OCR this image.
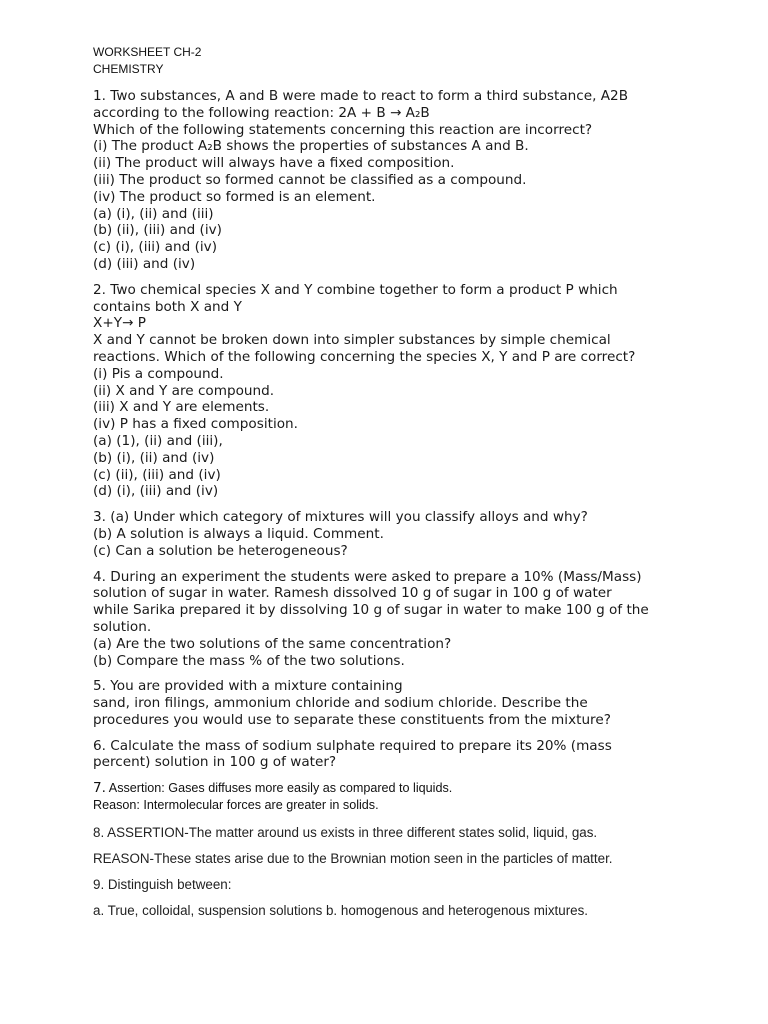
WORKSHEET CH-2
CHEMISTRY
1. Two substances, A and B were made to react to form a third substance, A2B
according to the following reaction: 2A + B → A₂B
Which of the following statements concerning this reaction are incorrect?
(i) The product A₂B shows the properties of substances A and B.
(ii) The product will always have a fixed composition.
(iii) The product so formed cannot be classified as a compound.
(iv) The product so formed is an element.
(a) (i), (ii) and (iii)
(b) (ii), (iii) and (iv)
(c) (i), (iii) and (iv)
(d) (iii) and (iv)
2. Two chemical species X and Y combine together to form a product P which
contains both X and Y
X+Y→ P
X and Y cannot be broken down into simpler substances by simple chemical
reactions. Which of the following concerning the species X, Y and P are correct?
(i) Pis a compound.
(ii) X and Y are compound.
(iii) X and Y are elements.
(iv) P has a fixed composition.
(a) (1), (ii) and (iii),
(b) (i), (ii) and (iv)
(c) (ii), (iii) and (iv)
(d) (i), (iii) and (iv)
3. (a) Under which category of mixtures will you classify alloys and why?
(b) A solution is always a liquid. Comment.
(c) Can a solution be heterogeneous?
4. During an experiment the students were asked to prepare a 10% (Mass/Mass)
solution of sugar in water. Ramesh dissolved 10 g of sugar in 100 g of water
while Sarika prepared it by dissolving 10 g of sugar in water to make 100 g of the
solution.
(a) Are the two solutions of the same concentration?
(b) Compare the mass % of the two solutions.
5. You are provided with a mixture containing
sand, iron filings, ammonium chloride and sodium chloride. Describe the
procedures you would use to separate these constituents from the mixture?
6. Calculate the mass of sodium sulphate required to prepare its 20% (mass
percent) solution in 100 g of water?
7. Assertion: Gases diffuses more easily as compared to liquids.
Reason: Intermolecular forces are greater in solids.
8. ASSERTION-The matter around us exists in three different states solid, liquid, gas.
REASON-These states arise due to the Brownian motion seen in the particles of matter.
9. Distinguish between:
a. True, colloidal, suspension solutions b. homogenous and heterogenous mixtures.
